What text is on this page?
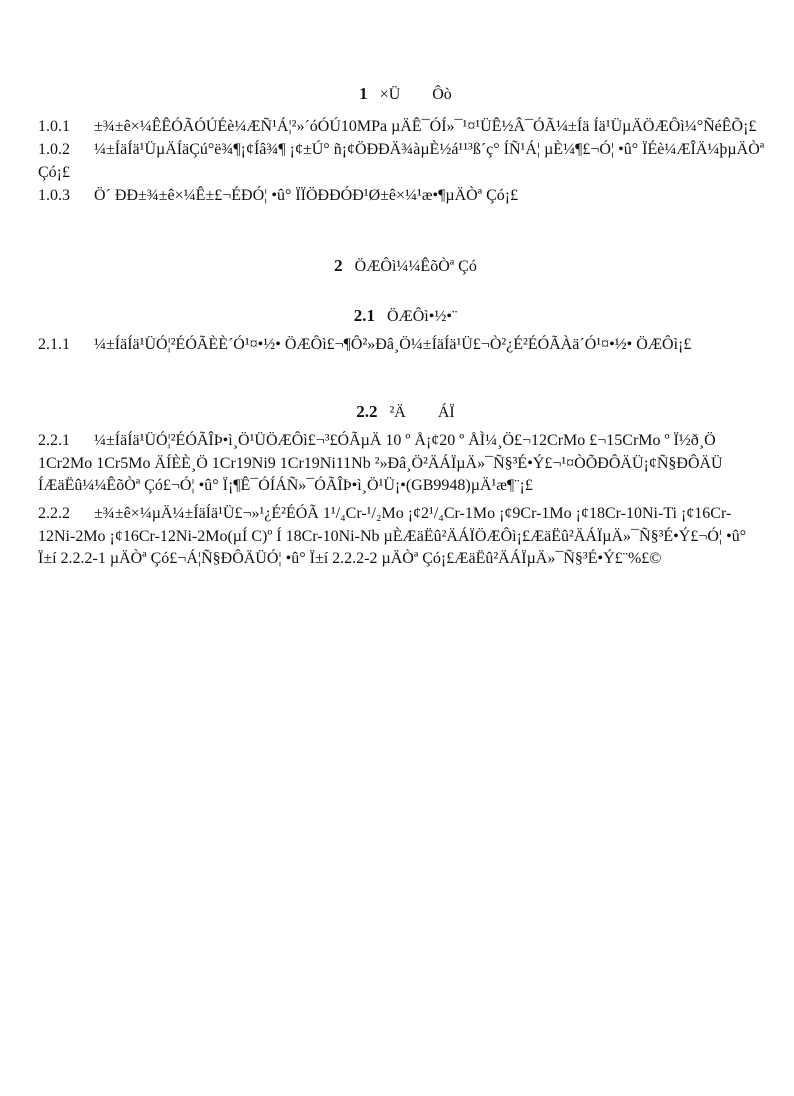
1 ×Ü        Ôò

1.0.1 ±¾±ê×¼ÊÊÓÃÓÚÉè¼ÆÑ¹Á¦²»´óÓÚ10MPa µÄÊ¯ÓÍ»¯¹¤¹ÜÊ½Â¯ÓÃ¼±Íä Íä¹ÜµÄÖÆÔì¼°ÑéÊÕ¡£
1.0.2 ¼±ÍäÍä¹ÜµÄÍäÇú°ë¾¶¡¢Íâ¾¶ ¡¢±Ú° ñ¡¢ÖÐÐÄ¾àµÈ½á¹¹³ß´ç° ÍÑ¹Á¦ µÈ¼¶£¬Ó¦ •û° ÏÉè¼ÆÎÄ¼þµÄÒª Çó¡£
1.0.3 Ö´ ÐÐ±¾±ê×¼Ê±£¬ÉÐÓ¦ •û° ÏÏÖÐÐÓÐ¹Ø±ê×¼¹æ•¶µÄÒª Çó¡£

2 ÖÆÔì¼¼ÊõÒª Çó

2.1 ÖÆÔì•½•¨

2.1.1 ¼±ÍäÍä¹ÜÓ¦²ÉÓÃÈÈ´Ó¹¤•½• ÖÆÔì£¬¶Ô²»Ðâ¸Ö¼±ÍäÍä¹Ü£¬Ò²¿É²ÉÓÃÀä´Ó¹¤•½• ÖÆÔì¡£

2.2 ²Ä        ÁÏ

2.2.1 ¼±ÍäÍä¹ÜÓ¦²ÉÓÃÎÞ•ì¸Ö¹ÜÖÆÔì£¬³£ÓÃµÄ 10 º Å¡¢20 º ÅÌ¼¸Ö£¬12CrMo £¬15CrMo º Ï½ð¸Ö 1Cr2Mo 1Cr5Mo ÄÍÈÈ¸Ö 1Cr19Ni9 1Cr19Ni11Nb ²»Ðâ¸Ö²ÄÁÏµÄ»¯Ñ§³É•Ý£¬¹¤ÒÕÐÔÄÜ¡¢Ñ§ÐÔÄÜ ÍÆäËû¼¼ÊõÒª Çó£¬Ó¦ •û° Ï¡¶Ê¯ÓÍÁÑ»¯ÓÃÎÞ•ì¸Ö¹Ü¡•(GB9948)µÄ¹æ¶¨¡£
2.2.2 ±¾±ê×¼µÄ¼±ÍäÍä¹Ü£¬»¹¿É²ÉÓÃ 1¹/₄Cr-¹/₂Mo ¡¢2¹/₄Cr-1Mo ¡¢9Cr-1Mo ¡¢18Cr-10Ni-Ti ¡¢16Cr-12Ni-2Mo ¡¢16Cr-12Ni-2Mo(µÍ C)º Í 18Cr-10Ni-Nb µÈÆäËû²ÄÁÏÖÆÔì¡£ÆäËû²ÄÁÏµÄ»¯Ñ§³É•Ý£¬Ó¦ •û° Ï±í 2.2.2-1 µÄÒª Çó£¬Á¦Ñ§ÐÔÄÜÓ¦ •û° Ï±í 2.2.2-2 µÄÒª Çó¡£ÆäËû²ÄÁÏµÄ»¯Ñ§³É•Ý£¨%£©
